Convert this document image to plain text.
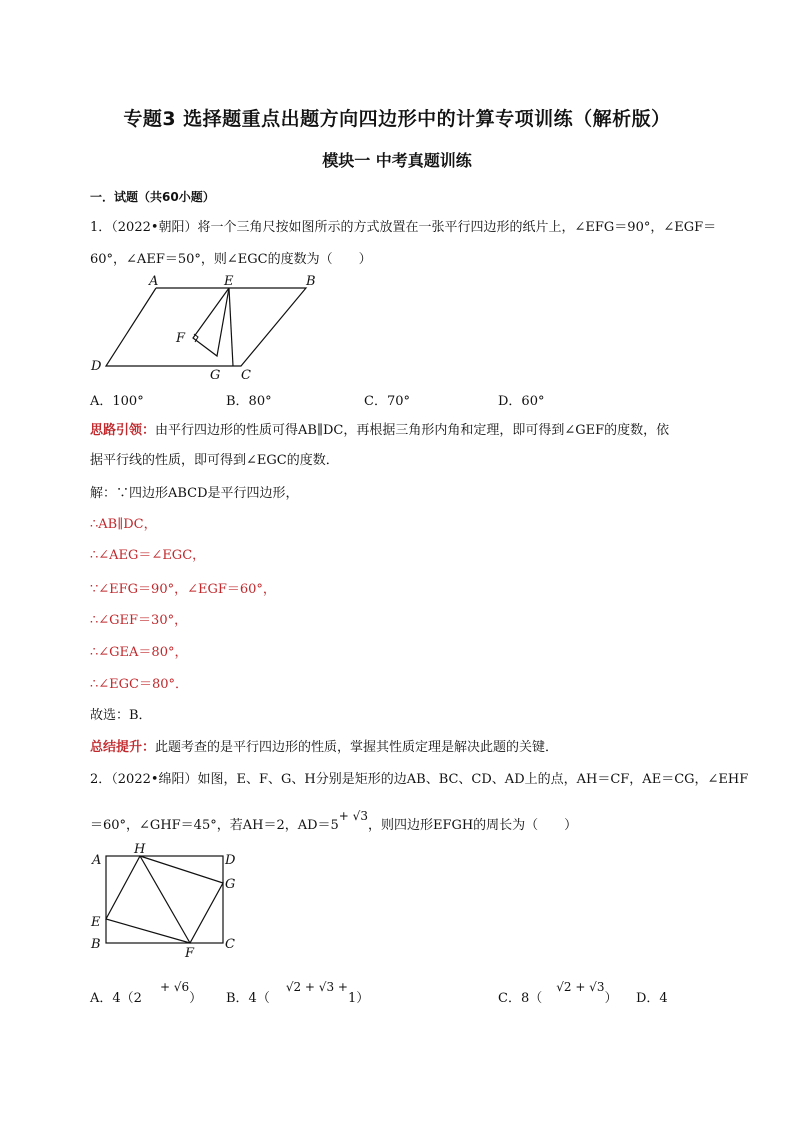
专题3 选择题重点出题方向四边形中的计算专项训练（解析版）
模块一 中考真题训练
一．试题（共60小题）
1．（2022•朝阳）将一个三角尺按如图所示的方式放置在一张平行四边形的纸片上，∠EFG＝90°，∠EGF＝
60°，∠AEF＝50°，则∠EGC的度数为（　　）
A	E	B
F
D
G C
A．100°	B．80°	C．70°	D．60°
思路引领：由平行四边形的性质可得AB∥DC，再根据三角形内角和定理，即可得到∠GEF的度数，依
据平行线的性质，即可得到∠EGC的度数．
解：∵四边形ABCD是平行四边形，
∴AB∥DC，
∴∠AEG＝∠EGC，
∵∠EFG＝90°，∠EGF＝60°，
∴∠GEF＝30°，
∴∠GEA＝80°，
∴∠EGC＝80°．
故选：B．
总结提升：此题考查的是平行四边形的性质，掌握其性质定理是解决此题的关键．
2．（2022•绵阳）如图，E、F、G、H分别是矩形的边AB、BC、CD、AD上的点，AH＝CF，AE＝CG，∠EHF
＝60°，∠GHF＝45°，若AH＝2，AD＝5+ √3，则四边形EFGH的周长为（　　）
A
H
D
G
E
B	C
F
A．4（2+ √6） B．4（√2 + √3 +1）	C．8（√2 + √3） D．4
